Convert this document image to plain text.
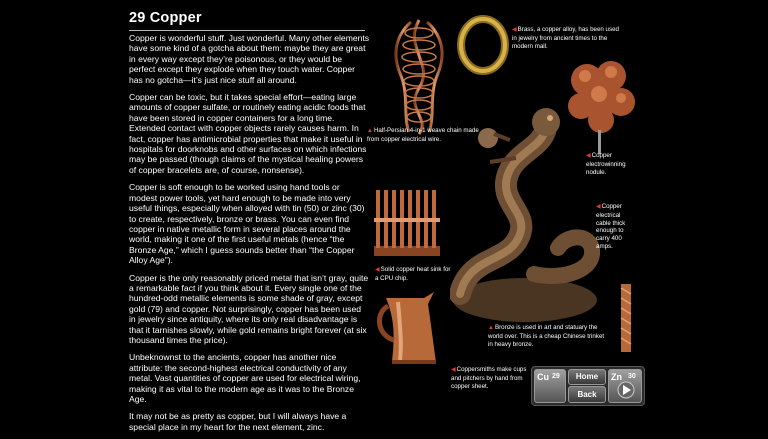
29 Copper

Copper is wonderful stuff. Just wonderful. Many other elements have some kind of a gotcha about them: maybe they are great in every way except they’re poisonous, or they would be perfect except they explode when they touch water. Copper has no gotcha—it’s just nice stuff all around.

Copper can be toxic, but it takes special effort—eating large amounts of copper sulfate, or routinely eating acidic foods that have been stored in copper containers for a long time. Extended contact with copper objects rarely causes harm. In fact, copper has antimicrobial properties that make it useful in hospitals for doorknobs and other surfaces on which infections may be passed (though claims of the mystical healing powers of copper bracelets are, of course, nonsense).

Copper is soft enough to be worked using hand tools or modest power tools, yet hard enough to be made into very useful things, especially when alloyed with tin (50) or zinc (30) to create, respectively, bronze or brass. You can even find copper in native metallic form in several places around the world, making it one of the first useful metals (hence “the Bronze Age,” which I guess sounds better than “the Copper Alloy Age”).

Copper is the only reasonably priced metal that isn’t gray, quite a remarkable fact if you think about it. Every single one of the hundred-odd metallic elements is some shade of gray, except gold (79) and copper. Not surprisingly, copper has been used in jewelry since antiquity, where its only real disadvantage is that it tarnishes slowly, while gold remains bright forever (at six thousand times the price).

Unbeknownst to the ancients, copper has another nice attribute: the second-highest electrical conductivity of any metal. Vast quantities of copper are used for electrical wiring, making it as vital to the modern age as it was to the Bronze Age.

It may not be as pretty as copper, but I will always have a special place in my heart for the next element, zinc.

◀Brass, a copper alloy, has been used in jewelry from ancient times to the modern mall.
▲Half-Persian 4-in-1 weave chain made from copper electrical wire.
◀Copper electrowinning nodule.
◀Solid copper heat sink for a CPU chip.
◀Copper electrical cable thick enough to carry 400 amps.
▲Bronze is used in art and statuary the world over. This is a cheap Chinese trinket in heavy bronze.
◀Coppersmiths make cups and pitchers by hand from copper sheet.
Cu 29	Home
Back
Zn 30
